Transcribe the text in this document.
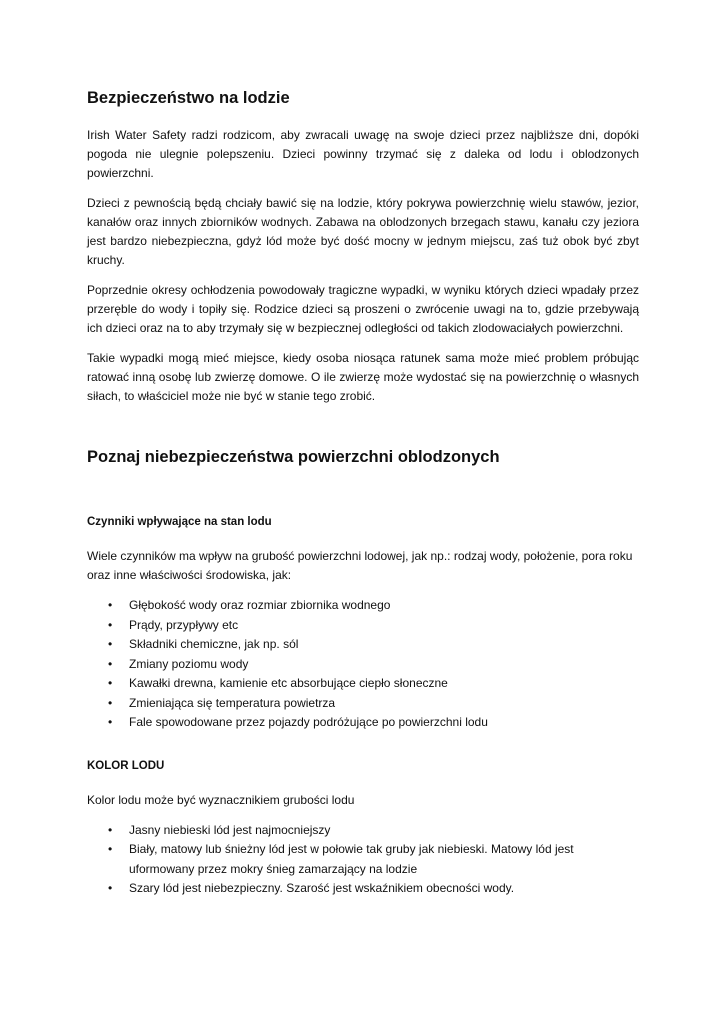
Bezpieczeństwo na lodzie

Irish Water Safety radzi rodzicom, aby zwracali uwagę na swoje dzieci przez najbliższe dni, dopóki pogoda nie ulegnie polepszeniu. Dzieci powinny trzymać się z daleka od lodu i oblodzonych powierzchni.

Dzieci z pewnością będą chciały bawić się na lodzie, który pokrywa powierzchnię wielu stawów, jezior, kanałów oraz innych zbiorników wodnych. Zabawa na oblodzonych brzegach stawu, kanału czy jeziora jest bardzo niebezpieczna, gdyż lód może być dość mocny w jednym miejscu, zaś tuż obok być zbyt kruchy.

Poprzednie okresy ochłodzenia powodowały tragiczne wypadki, w wyniku których dzieci wpadały przez przeręble do wody i topiły się. Rodzice dzieci są proszeni o zwrócenie uwagi na to, gdzie przebywają ich dzieci oraz na to aby trzymały się w bezpiecznej odległości od takich zlodowaciałych powierzchni.

Takie wypadki mogą mieć miejsce, kiedy osoba niosąca ratunek sama może mieć problem próbując ratować inną osobę lub zwierzę domowe. O ile zwierzę może wydostać się na powierzchnię o własnych siłach, to właściciel może nie być w stanie tego zrobić.

Poznaj niebezpieczeństwa powierzchni oblodzonych
Czynniki wpływające na stan lodu

Wiele czynników ma wpływ na grubość powierzchni lodowej, jak np.: rodzaj wody, położenie, pora roku oraz inne właściwości środowiska, jak:

• Głębokość wody oraz rozmiar zbiornika wodnego
• Prądy, przypływy etc
• Składniki chemiczne, jak np. sól
• Zmiany poziomu wody
• Kawałki drewna, kamienie etc absorbujące ciepło słoneczne
• Zmieniająca się temperatura powietrza
• Fale spowodowane przez pojazdy podróżujące po powierzchni lodu
KOLOR LODU

Kolor lodu może być wyznacznikiem grubości lodu

• Jasny niebieski lód jest najmocniejszy
• Biały, matowy lub śnieżny lód jest w połowie tak gruby jak niebieski. Matowy lód jest uformowany przez mokry śnieg zamarzający na lodzie
• Szary lód jest niebezpieczny. Szarość jest wskaźnikiem obecności wody.
